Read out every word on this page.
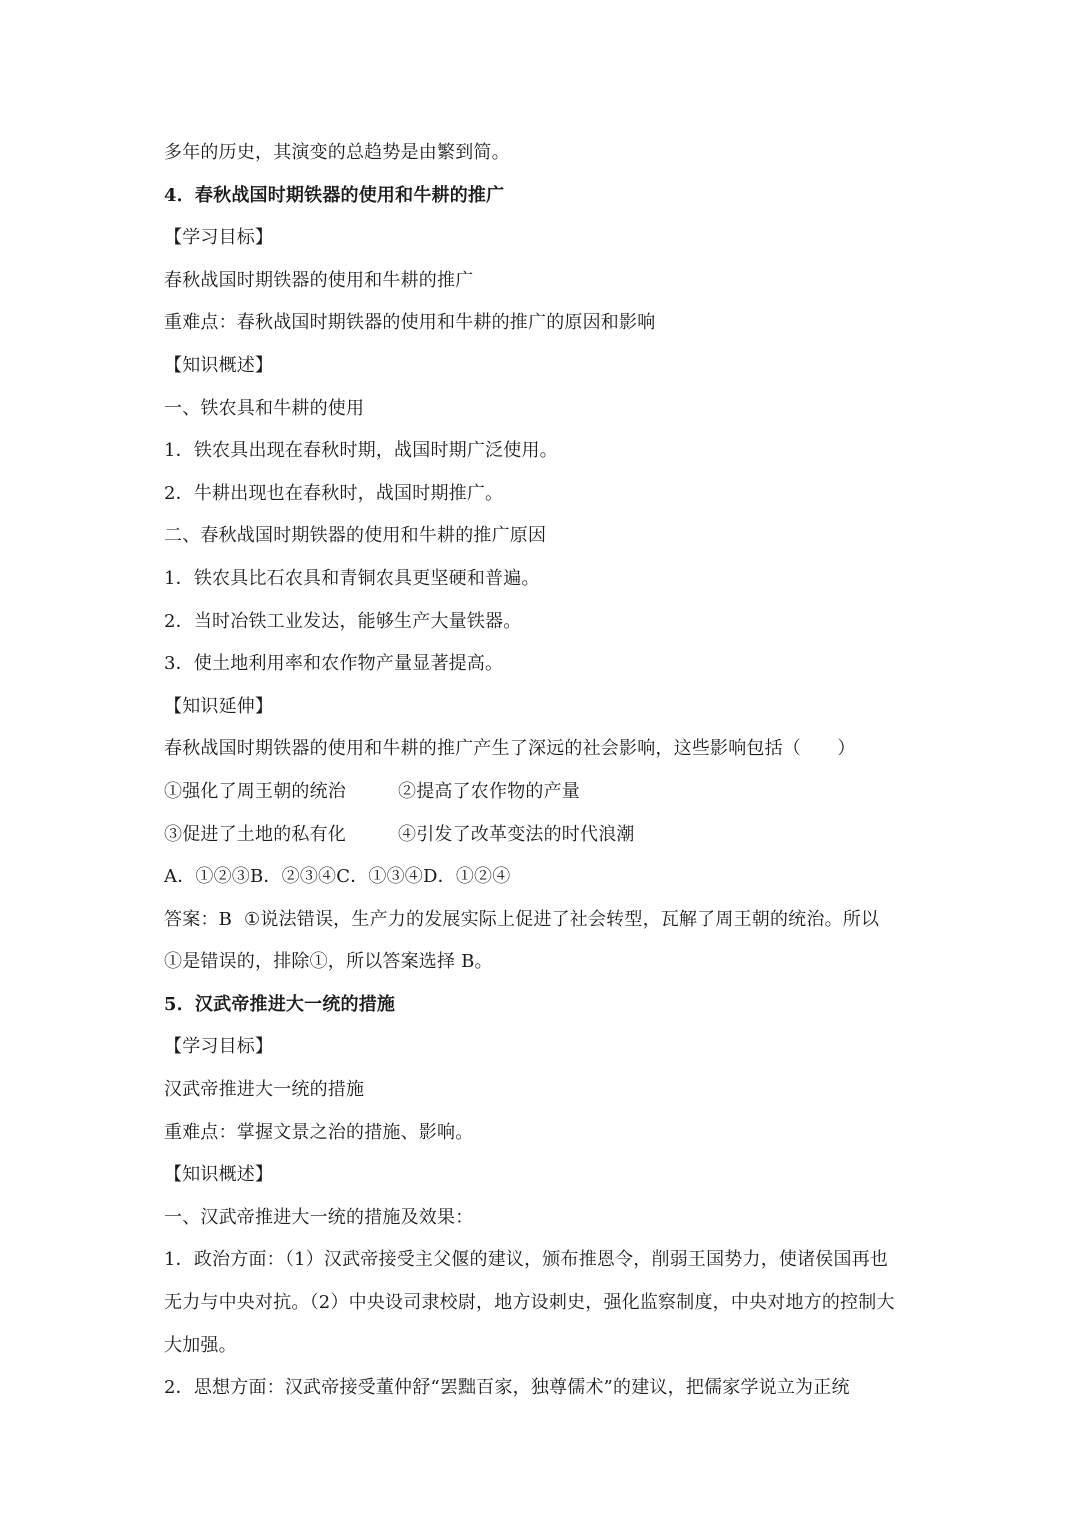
多年的历史，其演变的总趋势是由繁到简。
4．春秋战国时期铁器的使用和牛耕的推广
【学习目标】
春秋战国时期铁器的使用和牛耕的推广
重难点：春秋战国时期铁器的使用和牛耕的推广的原因和影响
【知识概述】
一、铁农具和牛耕的使用
1．铁农具出现在春秋时期，战国时期广泛使用。
2．牛耕出现也在春秋时，战国时期推广。
二、春秋战国时期铁器的使用和牛耕的推广原因
1．铁农具比石农具和青铜农具更坚硬和普遍。
2．当时冶铁工业发达，能够生产大量铁器。
3．使土地利用率和农作物产量显著提高。
【知识延伸】
春秋战国时期铁器的使用和牛耕的推广产生了深远的社会影响，这些影响包括（　　）
①强化了周王朝的统治	②提高了农作物的产量
③促进了土地的私有化	④引发了改革变法的时代浪潮
A．①②③B．②③④C．①③④D．①②④
答案：B ①说法错误，生产力的发展实际上促进了社会转型，瓦解了周王朝的统治。所以
①是错误的，排除①，所以答案选择 B。
5．汉武帝推进大一统的措施
【学习目标】
汉武帝推进大一统的措施
重难点：掌握文景之治的措施、影响。
【知识概述】
一、汉武帝推进大一统的措施及效果：
1．政治方面：（1）汉武帝接受主父偃的建议，颁布推恩令，削弱王国势力，使诸侯国再也
无力与中央对抗。（2）中央设司隶校尉，地方设刺史，强化监察制度，中央对地方的控制大
大加强。
2．思想方面：汉武帝接受董仲舒“罢黜百家，独尊儒术”的建议，把儒家学说立为正统
